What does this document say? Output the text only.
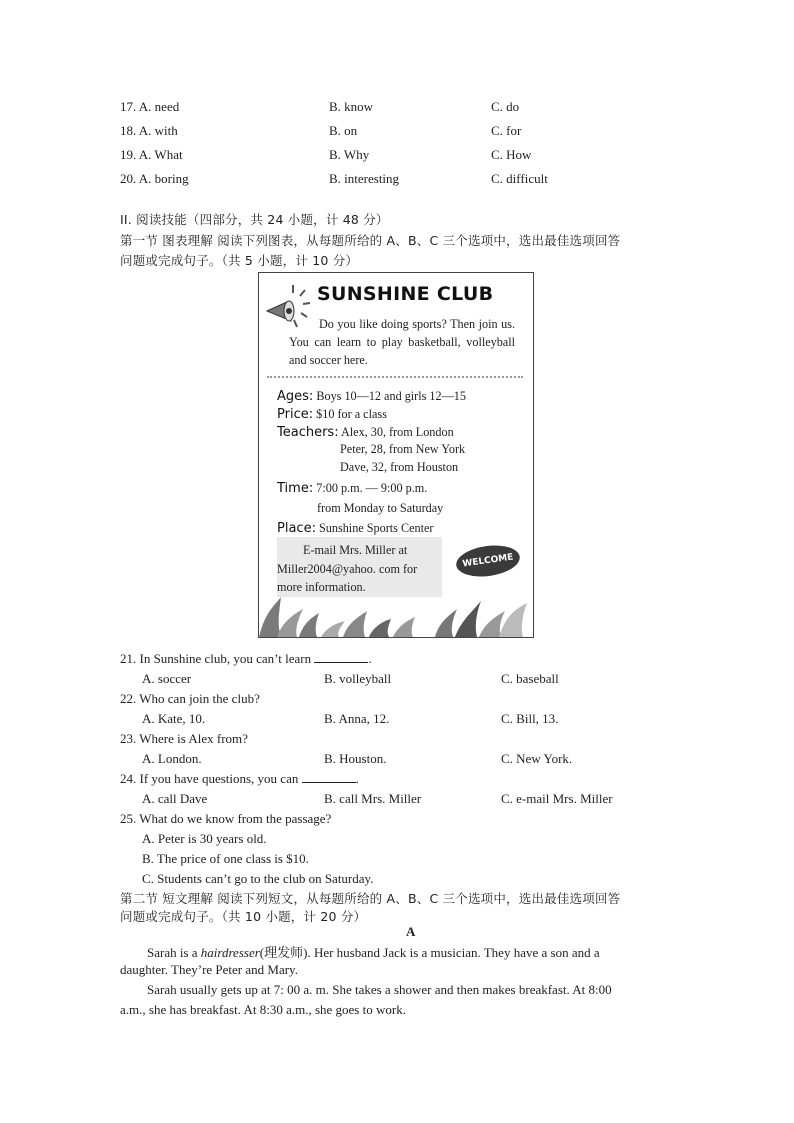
17. A. need	B. know	C. do
18. A. with	B. on	C. for
19. A. What	B. Why	C. How
20. A. boring	B. interesting	C. difficult
II. 阅读技能（四部分，共 24 小题，计 48 分）
第一节 图表理解 阅读下列图表，从每题所给的 A、B、C 三个选项中，选出最佳选项回答
问题或完成句子。（共 5 小题，计 10 分）
SUNSHINE CLUB
Do you like doing sports? Then join us. You can learn to play basketball, volleyball and soccer here.
Ages: Boys 10—12 and girls 12—15
Price: $10 for a class
Teachers: Alex, 30, from London
Peter, 28, from New York
Dave, 32, from Houston
Time: 7:00 p.m. — 9:00 p.m.
from Monday to Saturday
Place: Sunshine Sports Center
E-mail Mrs. Miller at
Miller2004@yahoo. com for
more information.
WELCOME
21. In Sunshine club, you can’t learn	.
A. soccer	B. volleyball	C. baseball
22. Who can join the club?
A. Kate, 10.	B. Anna, 12.	C. Bill, 13.
23. Where is Alex from?
A. London.	B. Houston.	C. New York.
24. If you have questions, you can	.
A. call Dave	B. call Mrs. Miller	C. e-mail Mrs. Miller
25. What do we know from the passage?
A. Peter is 30 years old.
B. The price of one class is $10.
C. Students can’t go to the club on Saturday.
第二节 短文理解 阅读下列短文，从每题所给的 A、B、C 三个选项中，选出最佳选项回答
问题或完成句子。（共 10 小题，计 20 分）
A
Sarah is a hairdresser(理发师). Her husband Jack is a musician. They have a son and a
daughter. They’re Peter and Mary.
Sarah usually gets up at 7: 00 a. m. She takes a shower and then makes breakfast. At 8:00
a.m., she has breakfast. At 8:30 a.m., she goes to work.
